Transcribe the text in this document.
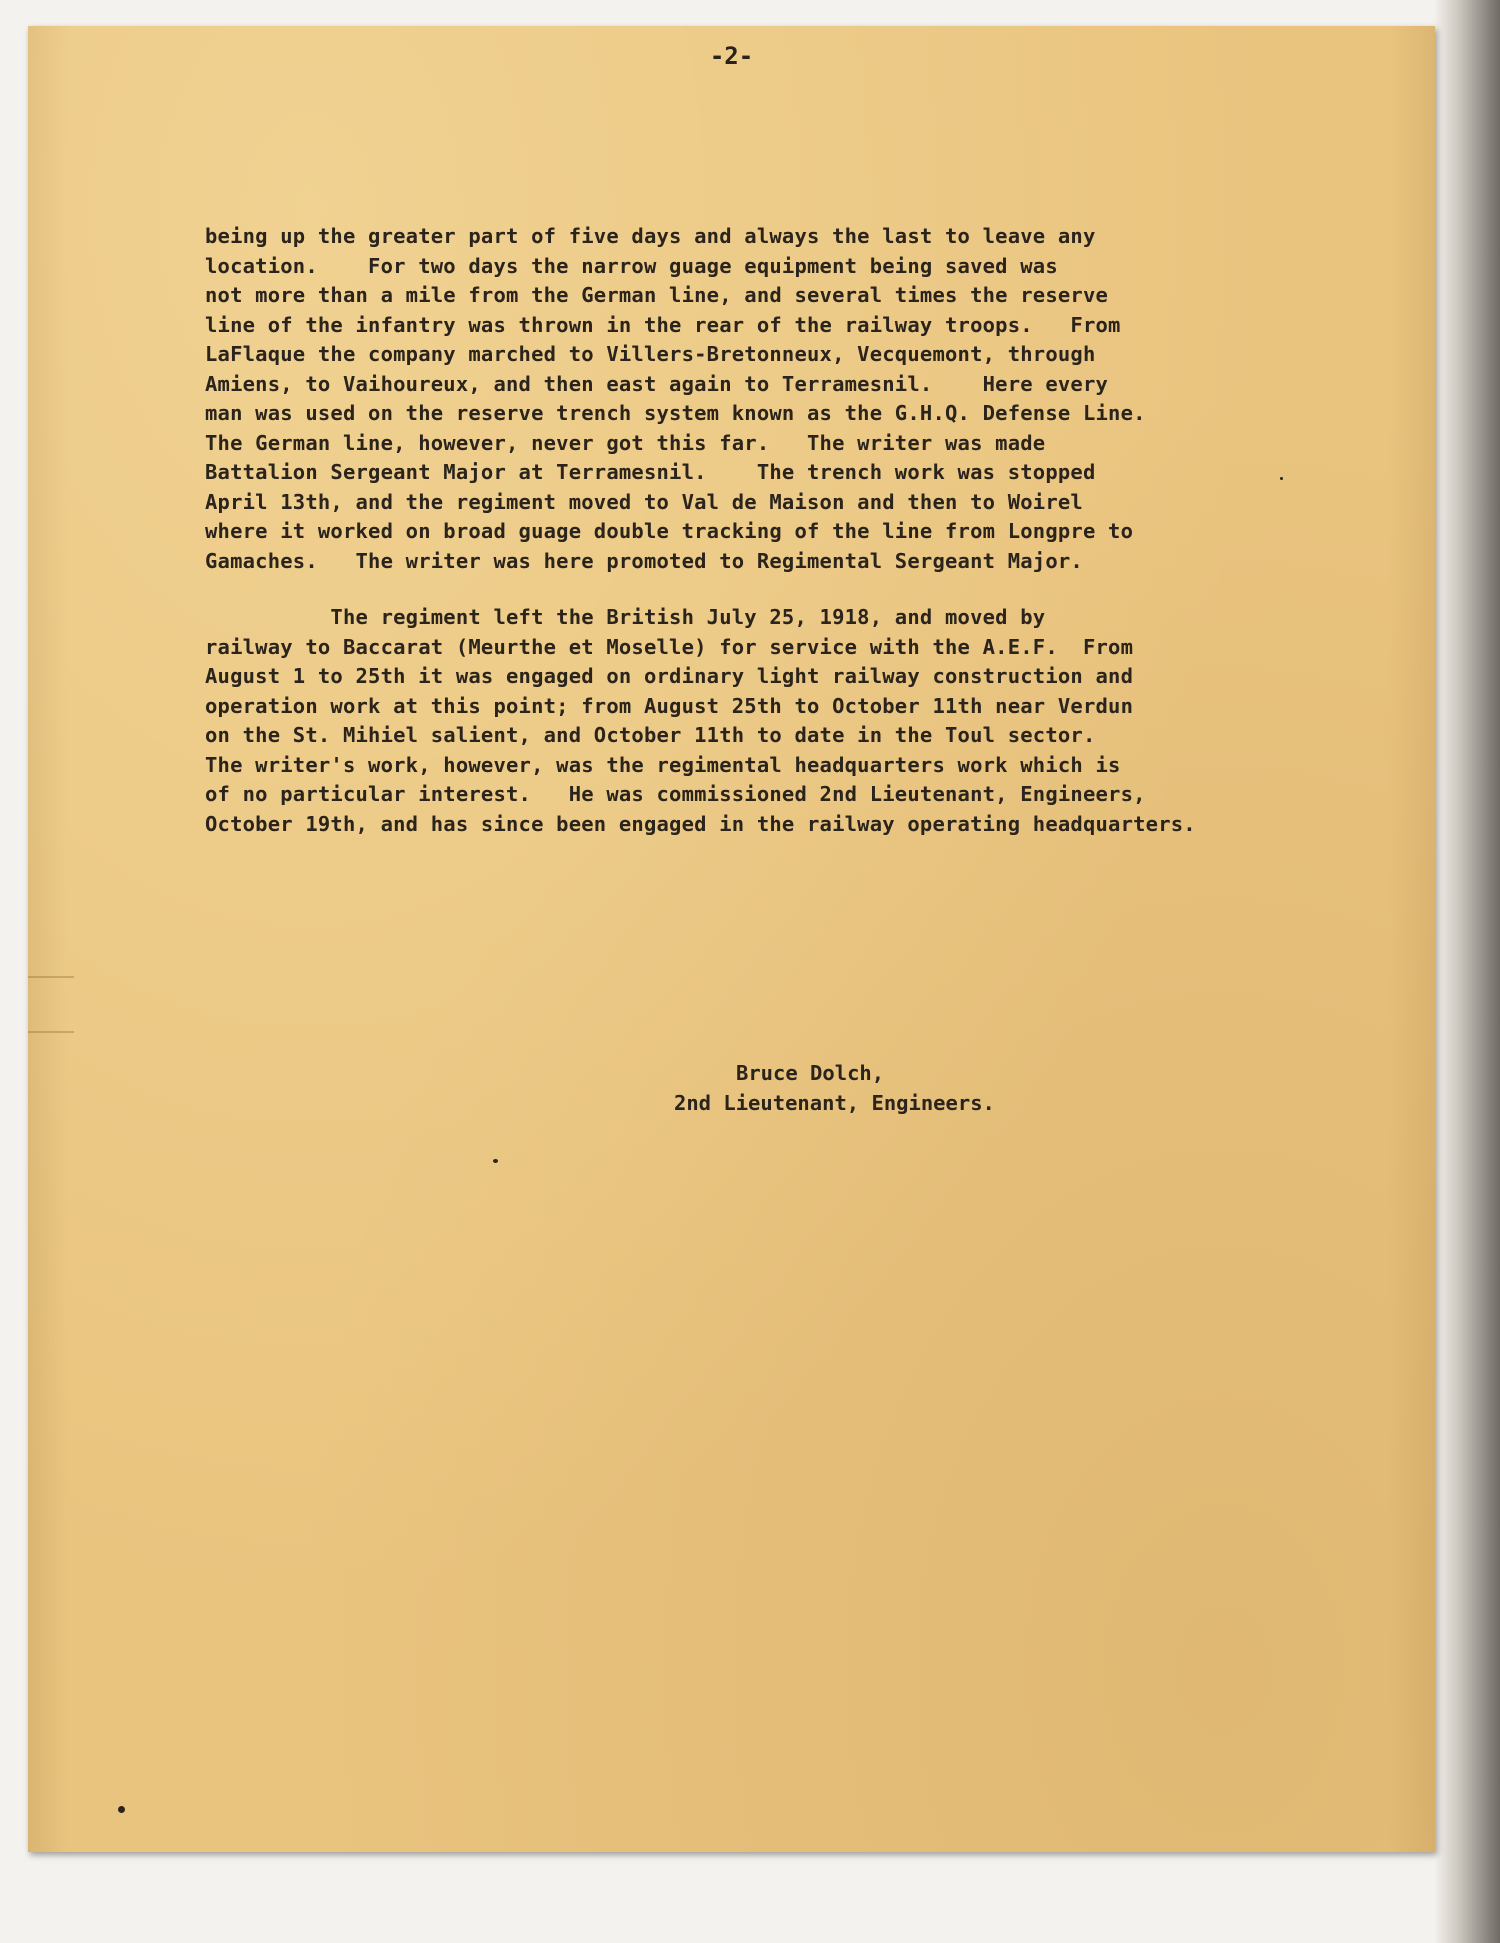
-2-

being up the greater part of five days and always the last to leave any
location.    For two days the narrow guage equipment being saved was
not more than a mile from the German line, and several times the reserve
line of the infantry was thrown in the rear of the railway troops.   From
LaFlaque the company marched to Villers-Bretonneux, Vecquemont, through
Amiens, to Vaihoureux, and then east again to Terramesnil.    Here every
man was used on the reserve trench system known as the G.H.Q. Defense Line.
The German line, however, never got this far.   The writer was made
Battalion Sergeant Major at Terramesnil.    The trench work was stopped
April 13th, and the regiment moved to Val de Maison and then to Woirel
where it worked on broad guage double tracking of the line from Longpre to
Gamaches.   The writer was here promoted to Regimental Sergeant Major.
The regiment left the British July 25, 1918, and moved by
railway to Baccarat (Meurthe et Moselle) for service with the A.E.F.  From
August 1 to 25th it was engaged on ordinary light railway construction and
operation work at this point; from August 25th to October 11th near Verdun
on the St. Mihiel salient, and October 11th to date in the Toul sector.
The writer's work, however, was the regimental headquarters work which is
of no particular interest.   He was commissioned 2nd Lieutenant, Engineers,
October 19th, and has since been engaged in the railway operating headquarters.
Bruce Dolch,
2nd Lieutenant, Engineers.
